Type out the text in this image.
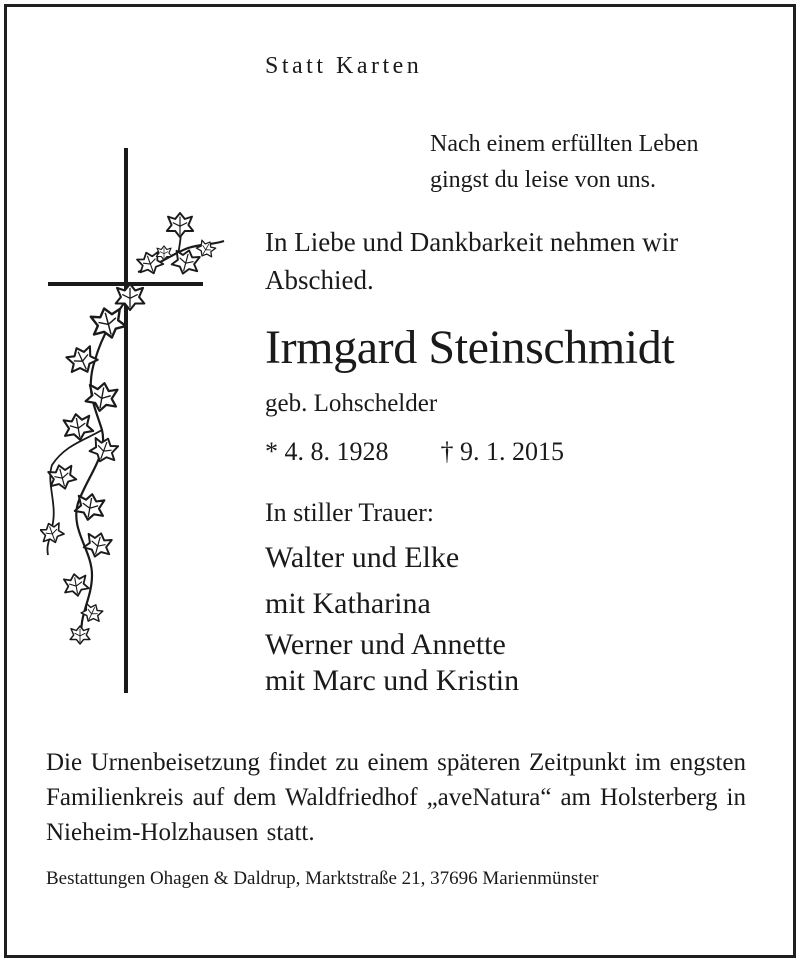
Statt Karten
Nach einem erfüllten Leben
gingst du leise von uns.
In Liebe und Dankbarkeit nehmen wir
Abschied.
Irmgard Steinschmidt
geb. Lohschelder
* 4. 8. 1928 † 9. 1. 2015
In stiller Trauer:
Walter und Elke
mit Katharina
Werner und Annette
mit Marc und Kristin
Die Urnenbeisetzung findet zu einem späteren Zeitpunkt im engsten Familienkreis auf dem Waldfriedhof „aveNatura“ am Holsterberg in Nieheim-Holzhausen statt.
Bestattungen Ohagen & Daldrup, Marktstraße 21, 37696 Marienmünster
